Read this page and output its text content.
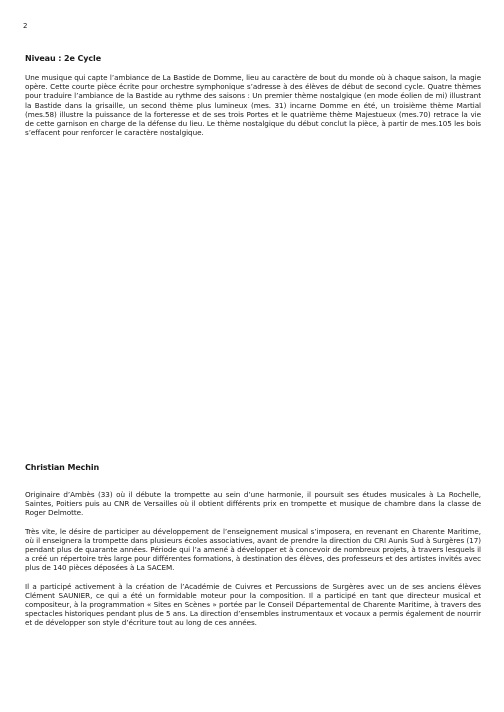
2
Niveau : 2e Cycle

Une musique qui capte l’ambiance de La Bastide de Domme, lieu au caractère de bout du monde où à chaque saison, la magie opère. Cette courte pièce écrite pour orchestre symphonique s’adresse à des élèves de début de second cycle. Quatre thèmes pour traduire l’ambiance de la Bastide au rythme des saisons : Un premier thème nostalgique (en mode éolien de mi) illustrant la Bastide dans la grisaille, un second thème plus lumineux (mes. 31) incarne Domme en été, un troisième thème Martial (mes.58) illustre la puissance de la forteresse et de ses trois Portes et le quatrième thème Majestueux (mes.70) retrace la vie de cette garnison en charge de la défense du lieu. Le thème nostalgique du début conclut la pièce, à partir de mes.105 les bois s’effacent pour renforcer le caractère nostalgique.

Christian Mechin

Originaire d’Ambès (33) où il débute la trompette au sein d’une harmonie, il poursuit ses études musicales à La Rochelle, Saintes, Poitiers puis au CNR de Versailles où il obtient différents prix en trompette et musique de chambre dans la classe de Roger Delmotte.

Très vite, le désire de participer au développement de l’enseignement musical s’imposera, en revenant en Charente Maritime, où il enseignera la trompette dans plusieurs écoles associatives, avant de prendre la direction du CRI Aunis Sud à Surgères (17) pendant plus de quarante années. Période qui l’a amené à développer et à concevoir de nombreux projets, à travers lesquels il a créé un répertoire très large pour différentes formations, à destination des élèves, des professeurs et des artistes invités avec plus de 140 pièces déposées à La SACEM.

Il a participé activement à la création de l’Académie de Cuivres et Percussions de Surgères avec un de ses anciens élèves Clément SAUNIER, ce qui a été un formidable moteur pour la composition. Il a participé en tant que directeur musical et compositeur, à la programmation « Sites en Scènes » portée par le Conseil Départemental de Charente Maritime, à travers des spectacles historiques pendant plus de 5 ans. La direction d’ensembles instrumentaux et vocaux a permis également de nourrir et de développer son style d’écriture tout au long de ces années.
